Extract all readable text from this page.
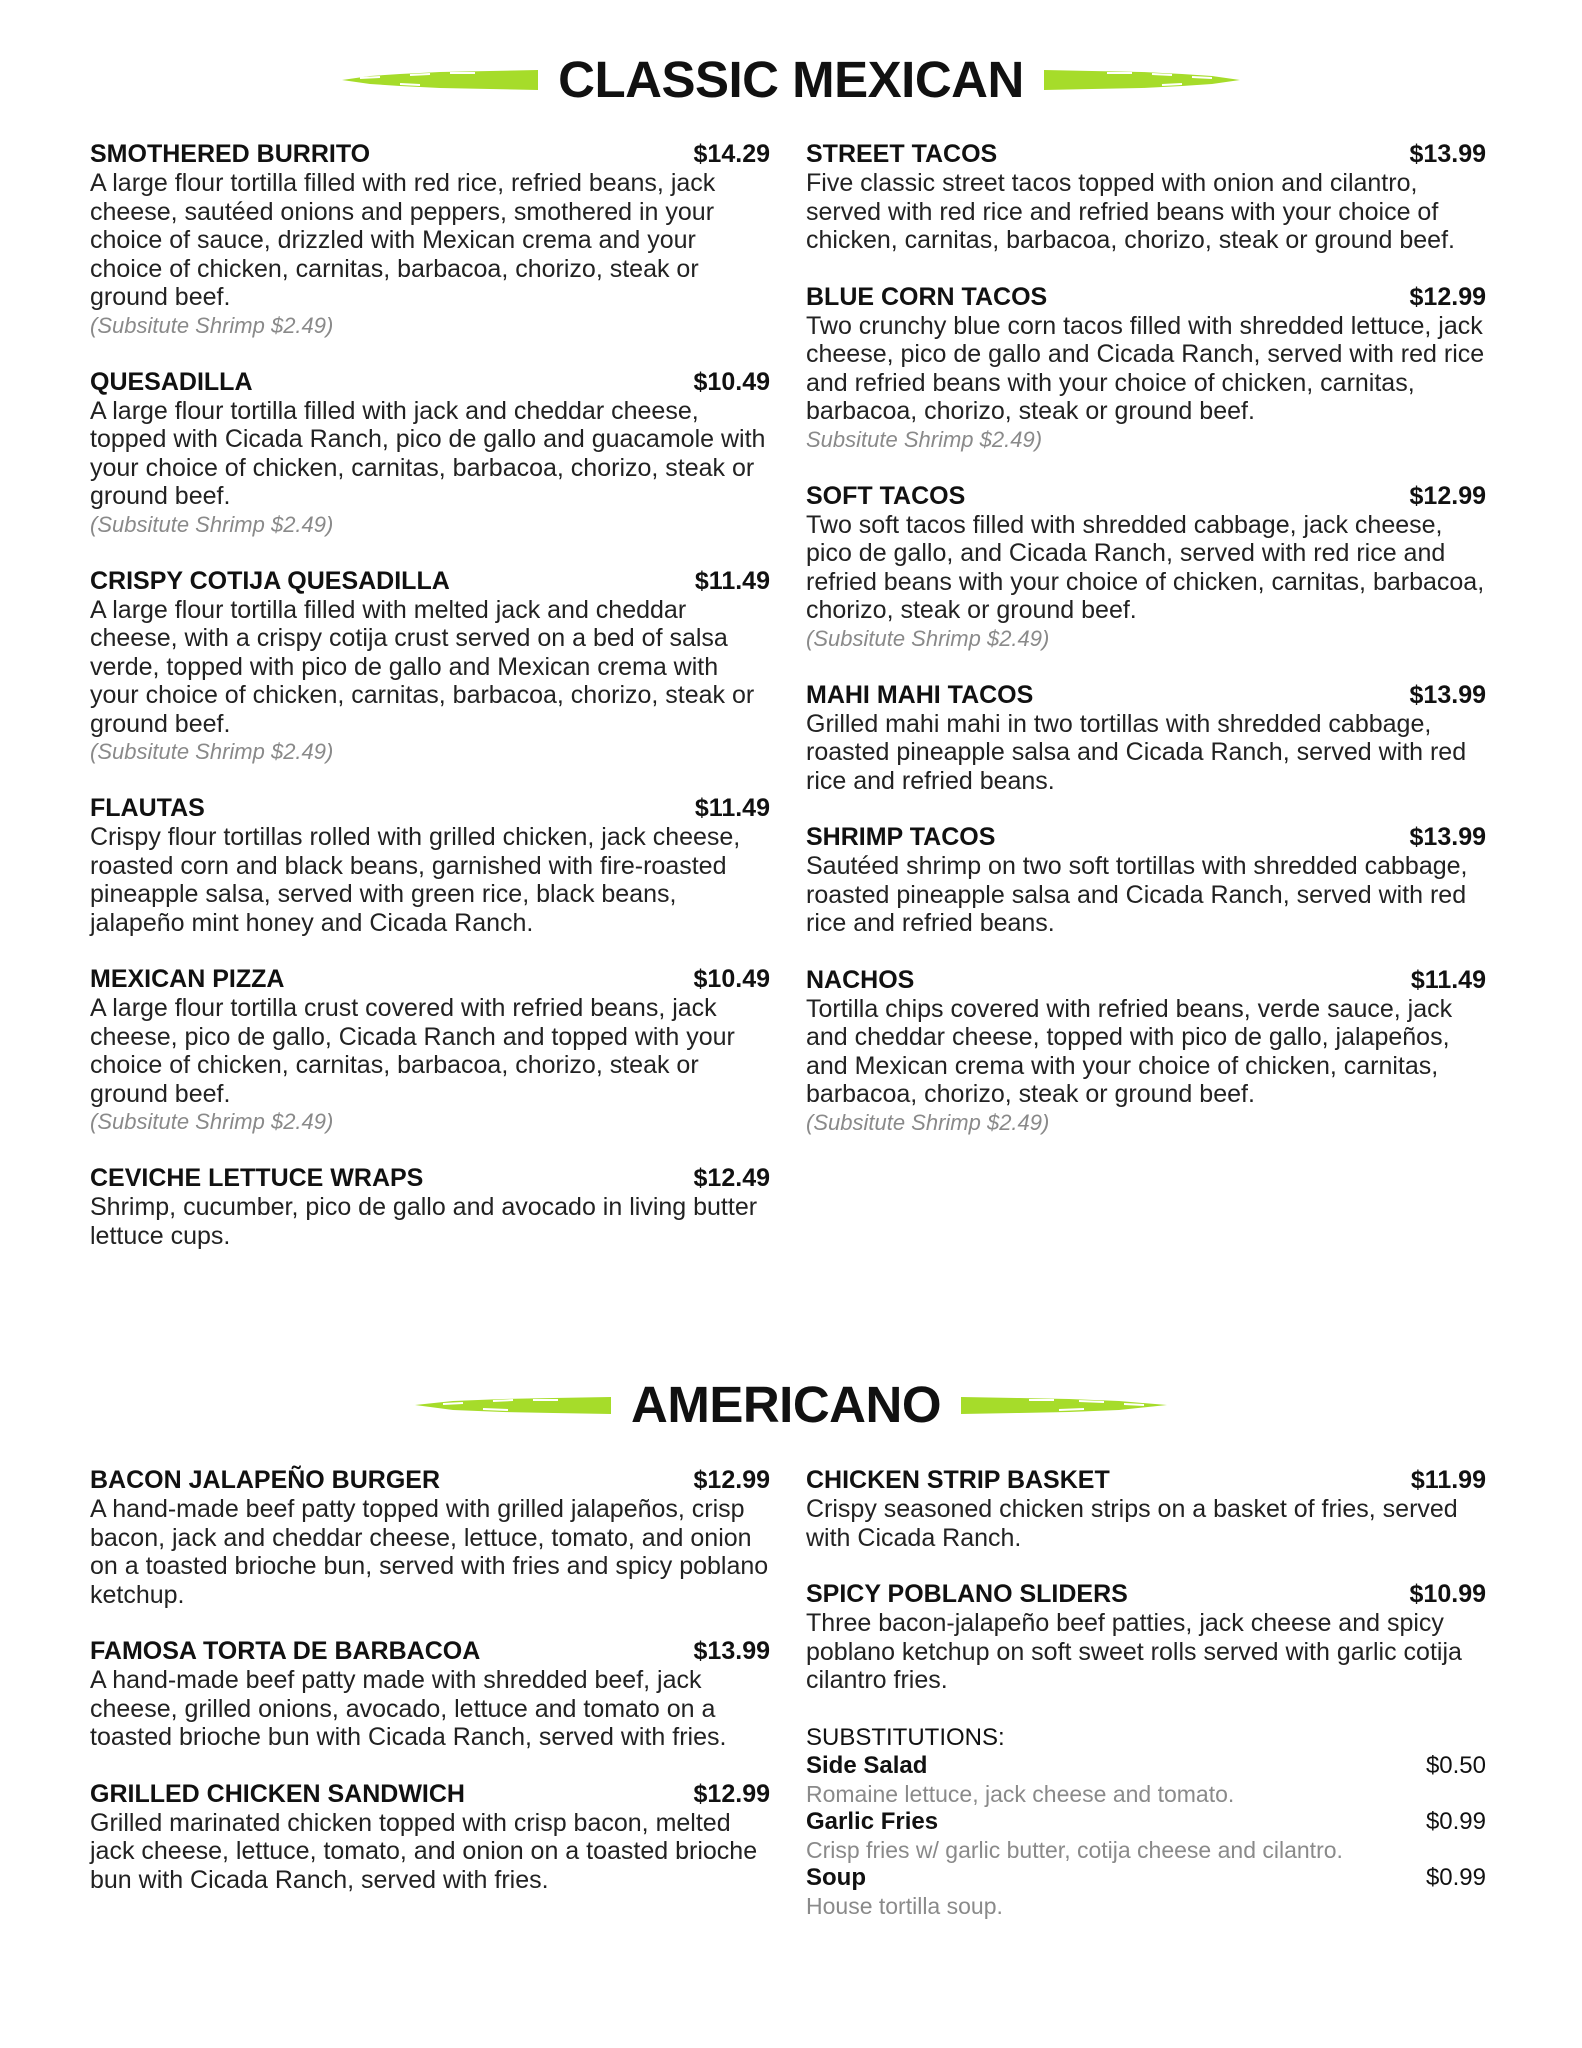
CLASSIC MEXICAN
SMOTHERED BURRITO	$14.29

A large flour tortilla filled with red rice, refried beans, jack cheese, sautéed onions and peppers, smothered in your choice of sauce, drizzled with Mexican crema and your choice of chicken, carnitas, barbacoa, chorizo, steak or ground beef.

(Subsitute Shrimp $2.49)
QUESADILLA	$10.49

A large flour tortilla filled with jack and cheddar cheese, topped with Cicada Ranch, pico de gallo and guacamole with your choice of chicken, carnitas, barbacoa, chorizo, steak or ground beef.

(Subsitute Shrimp $2.49)
CRISPY COTIJA QUESADILLA	$11.49

A large flour tortilla filled with melted jack and cheddar cheese, with a crispy cotija crust served on a bed of salsa verde, topped with pico de gallo and Mexican crema with your choice of chicken, carnitas, barbacoa, chorizo, steak or ground beef.

(Subsitute Shrimp $2.49)
FLAUTAS	$11.49

Crispy flour tortillas rolled with grilled chicken, jack cheese, roasted corn and black beans, garnished with fire-roasted pineapple salsa, served with green rice, black beans, jalapeño mint honey and Cicada Ranch.

MEXICAN PIZZA	$10.49

A large flour tortilla crust covered with refried beans, jack cheese, pico de gallo, Cicada Ranch and topped with your choice of chicken, carnitas, barbacoa, chorizo, steak or ground beef.

(Subsitute Shrimp $2.49)
CEVICHE LETTUCE WRAPS	$12.49

Shrimp, cucumber, pico de gallo and avocado in living butter lettuce cups.

STREET TACOS	$13.99

Five classic street tacos topped with onion and cilantro, served with red rice and refried beans with your choice of chicken, carnitas, barbacoa, chorizo, steak or ground beef.

BLUE CORN TACOS	$12.99

Two crunchy blue corn tacos filled with shredded lettuce, jack cheese, pico de gallo and Cicada Ranch, served with red rice and refried beans with your choice of chicken, carnitas, barbacoa, chorizo, steak or ground beef.

Subsitute Shrimp $2.49)
SOFT TACOS	$12.99

Two soft tacos filled with shredded cabbage, jack cheese, pico de gallo, and Cicada Ranch, served with red rice and refried beans with your choice of chicken, carnitas, barbacoa, chorizo, steak or ground beef.

(Subsitute Shrimp $2.49)
MAHI MAHI TACOS	$13.99

Grilled mahi mahi in two tortillas with shredded cabbage, roasted pineapple salsa and Cicada Ranch, served with red rice and refried beans.

SHRIMP TACOS	$13.99

Sautéed shrimp on two soft tortillas with shredded cabbage, roasted pineapple salsa and Cicada Ranch, served with red rice and refried beans.

NACHOS	$11.49

Tortilla chips covered with refried beans, verde sauce, jack and cheddar cheese, topped with pico de gallo, jalapeños, and Mexican crema with your choice of chicken, carnitas, barbacoa, chorizo, steak or ground beef.

(Subsitute Shrimp $2.49)
AMERICANO
BACON JALAPEÑO BURGER	$12.99

A hand-made beef patty topped with grilled jalapeños, crisp bacon, jack and cheddar cheese, lettuce, tomato, and onion on a toasted brioche bun, served with fries and spicy poblano ketchup.

FAMOSA TORTA DE BARBACOA	$13.99

A hand-made beef patty made with shredded beef, jack cheese, grilled onions, avocado, lettuce and tomato on a toasted brioche bun with Cicada Ranch, served with fries.

GRILLED CHICKEN SANDWICH	$12.99

Grilled marinated chicken topped with crisp bacon, melted jack cheese, lettuce, tomato, and onion on a toasted brioche bun with Cicada Ranch, served with fries.

CHICKEN STRIP BASKET	$11.99

Crispy seasoned chicken strips on a basket of fries, served with Cicada Ranch.

SPICY POBLANO SLIDERS	$10.99

Three bacon-jalapeño beef patties, jack cheese and spicy poblano ketchup on soft sweet rolls served with garlic cotija cilantro fries.

SUBSTITUTIONS:
Side Salad	$0.50
Romaine lettuce, jack cheese and tomato.
Garlic Fries	$0.99
Crisp fries w/ garlic butter, cotija cheese and cilantro.
Soup	$0.99
House tortilla soup.
